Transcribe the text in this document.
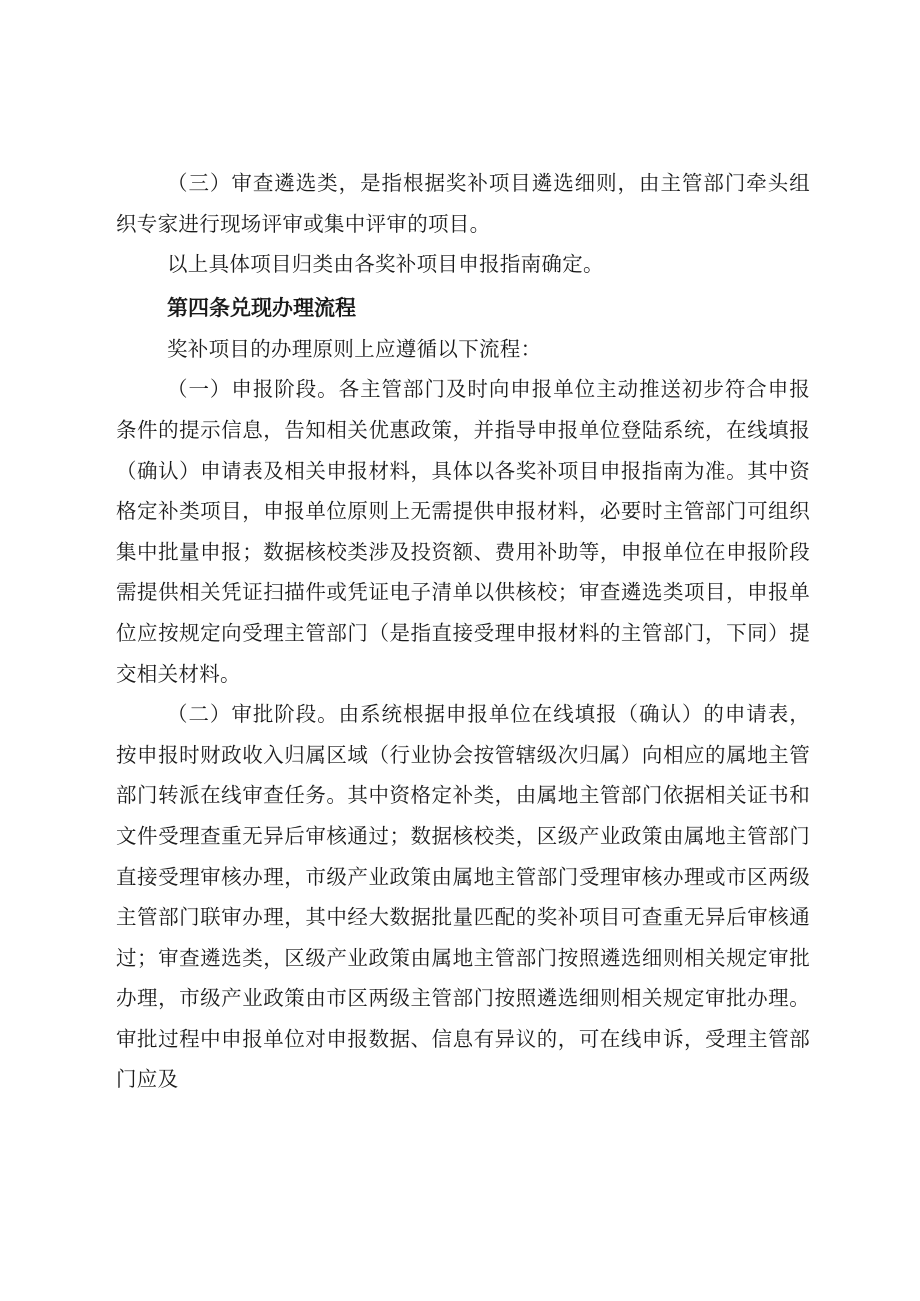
（三）审查遴选类，是指根据奖补项目遴选细则，由主管部门牵头组织专家进行现场评审或集中评审的项目。

以上具体项目归类由各奖补项目申报指南确定。

第四条兑现办理流程

奖补项目的办理原则上应遵循以下流程：

（一）申报阶段。各主管部门及时向申报单位主动推送初步符合申报条件的提示信息，告知相关优惠政策，并指导申报单位登陆系统，在线填报（确认）申请表及相关申报材料，具体以各奖补项目申报指南为准。其中资格定补类项目，申报单位原则上无需提供申报材料，必要时主管部门可组织集中批量申报；数据核校类涉及投资额、费用补助等，申报单位在申报阶段需提供相关凭证扫描件或凭证电子清单以供核校；审查遴选类项目，申报单位应按规定向受理主管部门（是指直接受理申报材料的主管部门，下同）提交相关材料。

（二）审批阶段。由系统根据申报单位在线填报（确认）的申请表，按申报时财政收入归属区域（行业协会按管辖级次归属）向相应的属地主管部门转派在线审查任务。其中资格定补类，由属地主管部门依据相关证书和文件受理查重无异后审核通过；数据核校类，区级产业政策由属地主管部门直接受理审核办理，市级产业政策由属地主管部门受理审核办理或市区两级主管部门联审办理，其中经大数据批量匹配的奖补项目可查重无异后审核通过；审查遴选类，区级产业政策由属地主管部门按照遴选细则相关规定审批办理，市级产业政策由市区两级主管部门按照遴选细则相关规定审批办理。审批过程中申报单位对申报数据、信息有异议的，可在线申诉，受理主管部门应及
